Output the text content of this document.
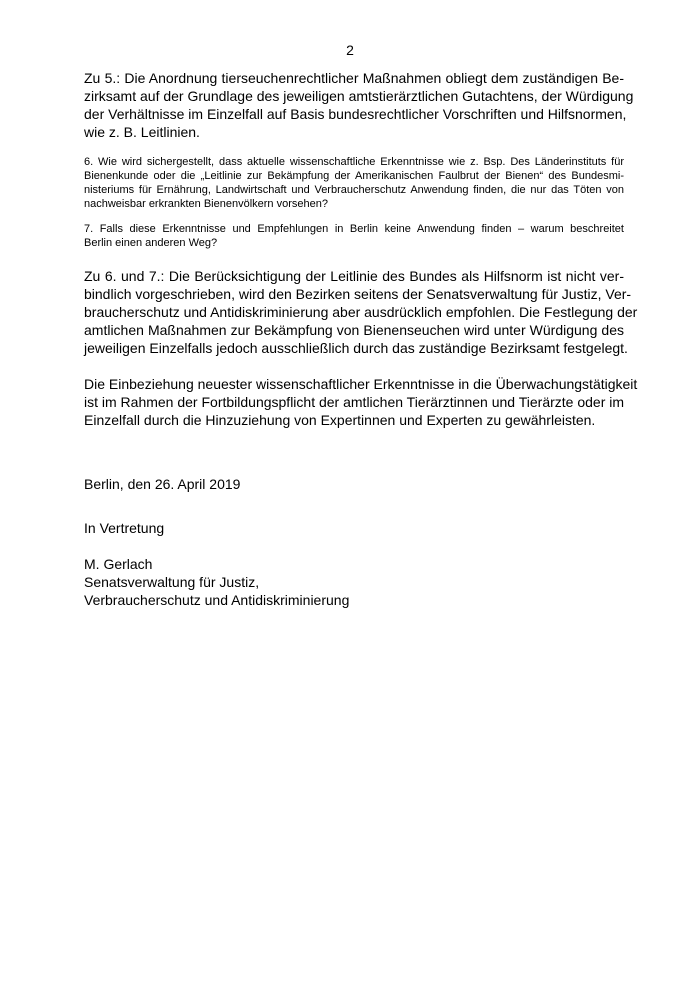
2
Zu 5.: Die Anordnung tierseuchenrechtlicher Maßnahmen obliegt dem zuständigen Be-
zirksamt auf der Grundlage des jeweiligen amtstierärztlichen Gutachtens, der Würdigung
der Verhältnisse im Einzelfall auf Basis bundesrechtlicher Vorschriften und Hilfsnormen,
wie z. B. Leitlinien.
6. Wie wird sichergestellt, dass aktuelle wissenschaftliche Erkenntnisse wie z. Bsp. Des Länderinstituts für
Bienenkunde oder die „Leitlinie zur Bekämpfung der Amerikanischen Faulbrut der Bienen“ des Bundesmi-
nisteriums für Ernährung, Landwirtschaft und Verbraucherschutz Anwendung finden, die nur das Töten von
nachweisbar erkrankten Bienenvölkern vorsehen?
7. Falls diese Erkenntnisse und Empfehlungen in Berlin keine Anwendung finden – warum beschreitet
Berlin einen anderen Weg?
Zu 6. und 7.: Die Berücksichtigung der Leitlinie des Bundes als Hilfsnorm ist nicht ver-
bindlich vorgeschrieben, wird den Bezirken seitens der Senatsverwaltung für Justiz, Ver-
braucherschutz und Antidiskriminierung aber ausdrücklich empfohlen. Die Festlegung der
amtlichen Maßnahmen zur Bekämpfung von Bienenseuchen wird unter Würdigung des
jeweiligen Einzelfalls jedoch ausschließlich durch das zuständige Bezirksamt festgelegt.
Die Einbeziehung neuester wissenschaftlicher Erkenntnisse in die Überwachungstätigkeit
ist im Rahmen der Fortbildungspflicht der amtlichen Tierärztinnen und Tierärzte oder im
Einzelfall durch die Hinzuziehung von Expertinnen und Experten zu gewährleisten.
Berlin, den 26. April 2019
In Vertretung
M. Gerlach
Senatsverwaltung für Justiz,
Verbraucherschutz und Antidiskriminierung
